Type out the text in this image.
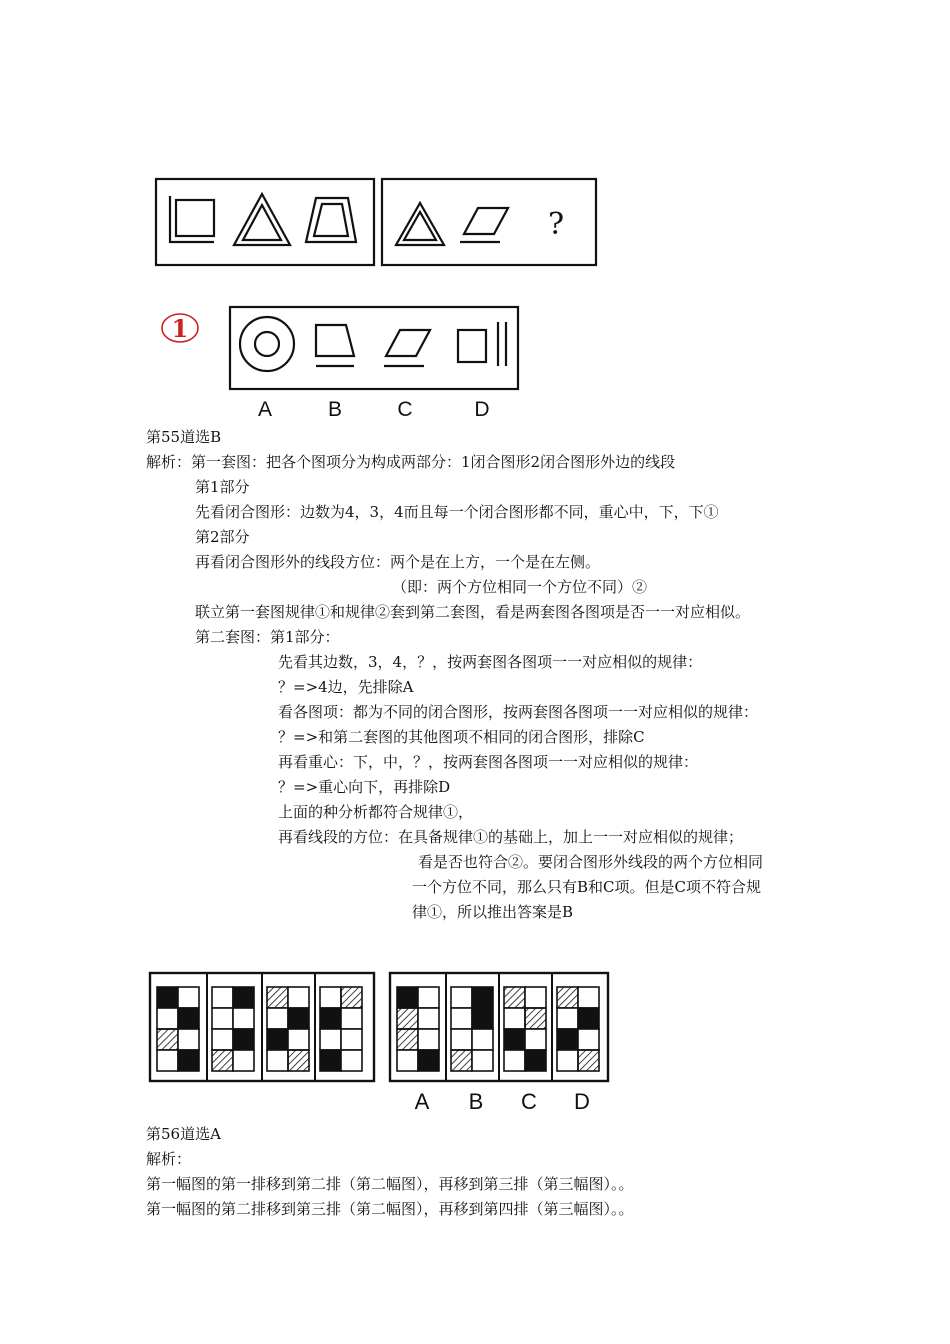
?
1
A	B	C	D
第55道选B
解析：第一套图：把各个图项分为构成两部分：1闭合图形2闭合图形外边的线段
第1部分
先看闭合图形：边数为4，3，4而且每一个闭合图形都不同，重心中，下，下①
第2部分
再看闭合图形外的线段方位：两个是在上方，一个是在左侧。
（即：两个方位相同一个方位不同）②
联立第一套图规律①和规律②套到第二套图，看是两套图各图项是否一一对应相似。
第二套图：第1部分：
先看其边数，3，4，？，按两套图各图项一一对应相似的规律：
？=>4边，先排除A
看各图项：都为不同的闭合图形，按两套图各图项一一对应相似的规律：
？=>和第二套图的其他图项不相同的闭合图形，排除C
再看重心：下，中，？，按两套图各图项一一对应相似的规律：
？=>重心向下，再排除D
上面的种分析都符合规律①，
再看线段的方位：在具备规律①的基础上，加上一一对应相似的规律；
看是否也符合②。要闭合图形外线段的两个方位相同
一个方位不同，那么只有B和C项。但是C项不符合规
律①，所以推出答案是B
A B C D
第56道选A
解析：
第一幅图的第一排移到第二排（第二幅图），再移到第三排（第三幅图）。。
第一幅图的第二排移到第三排（第二幅图），再移到第四排（第三幅图）。。
